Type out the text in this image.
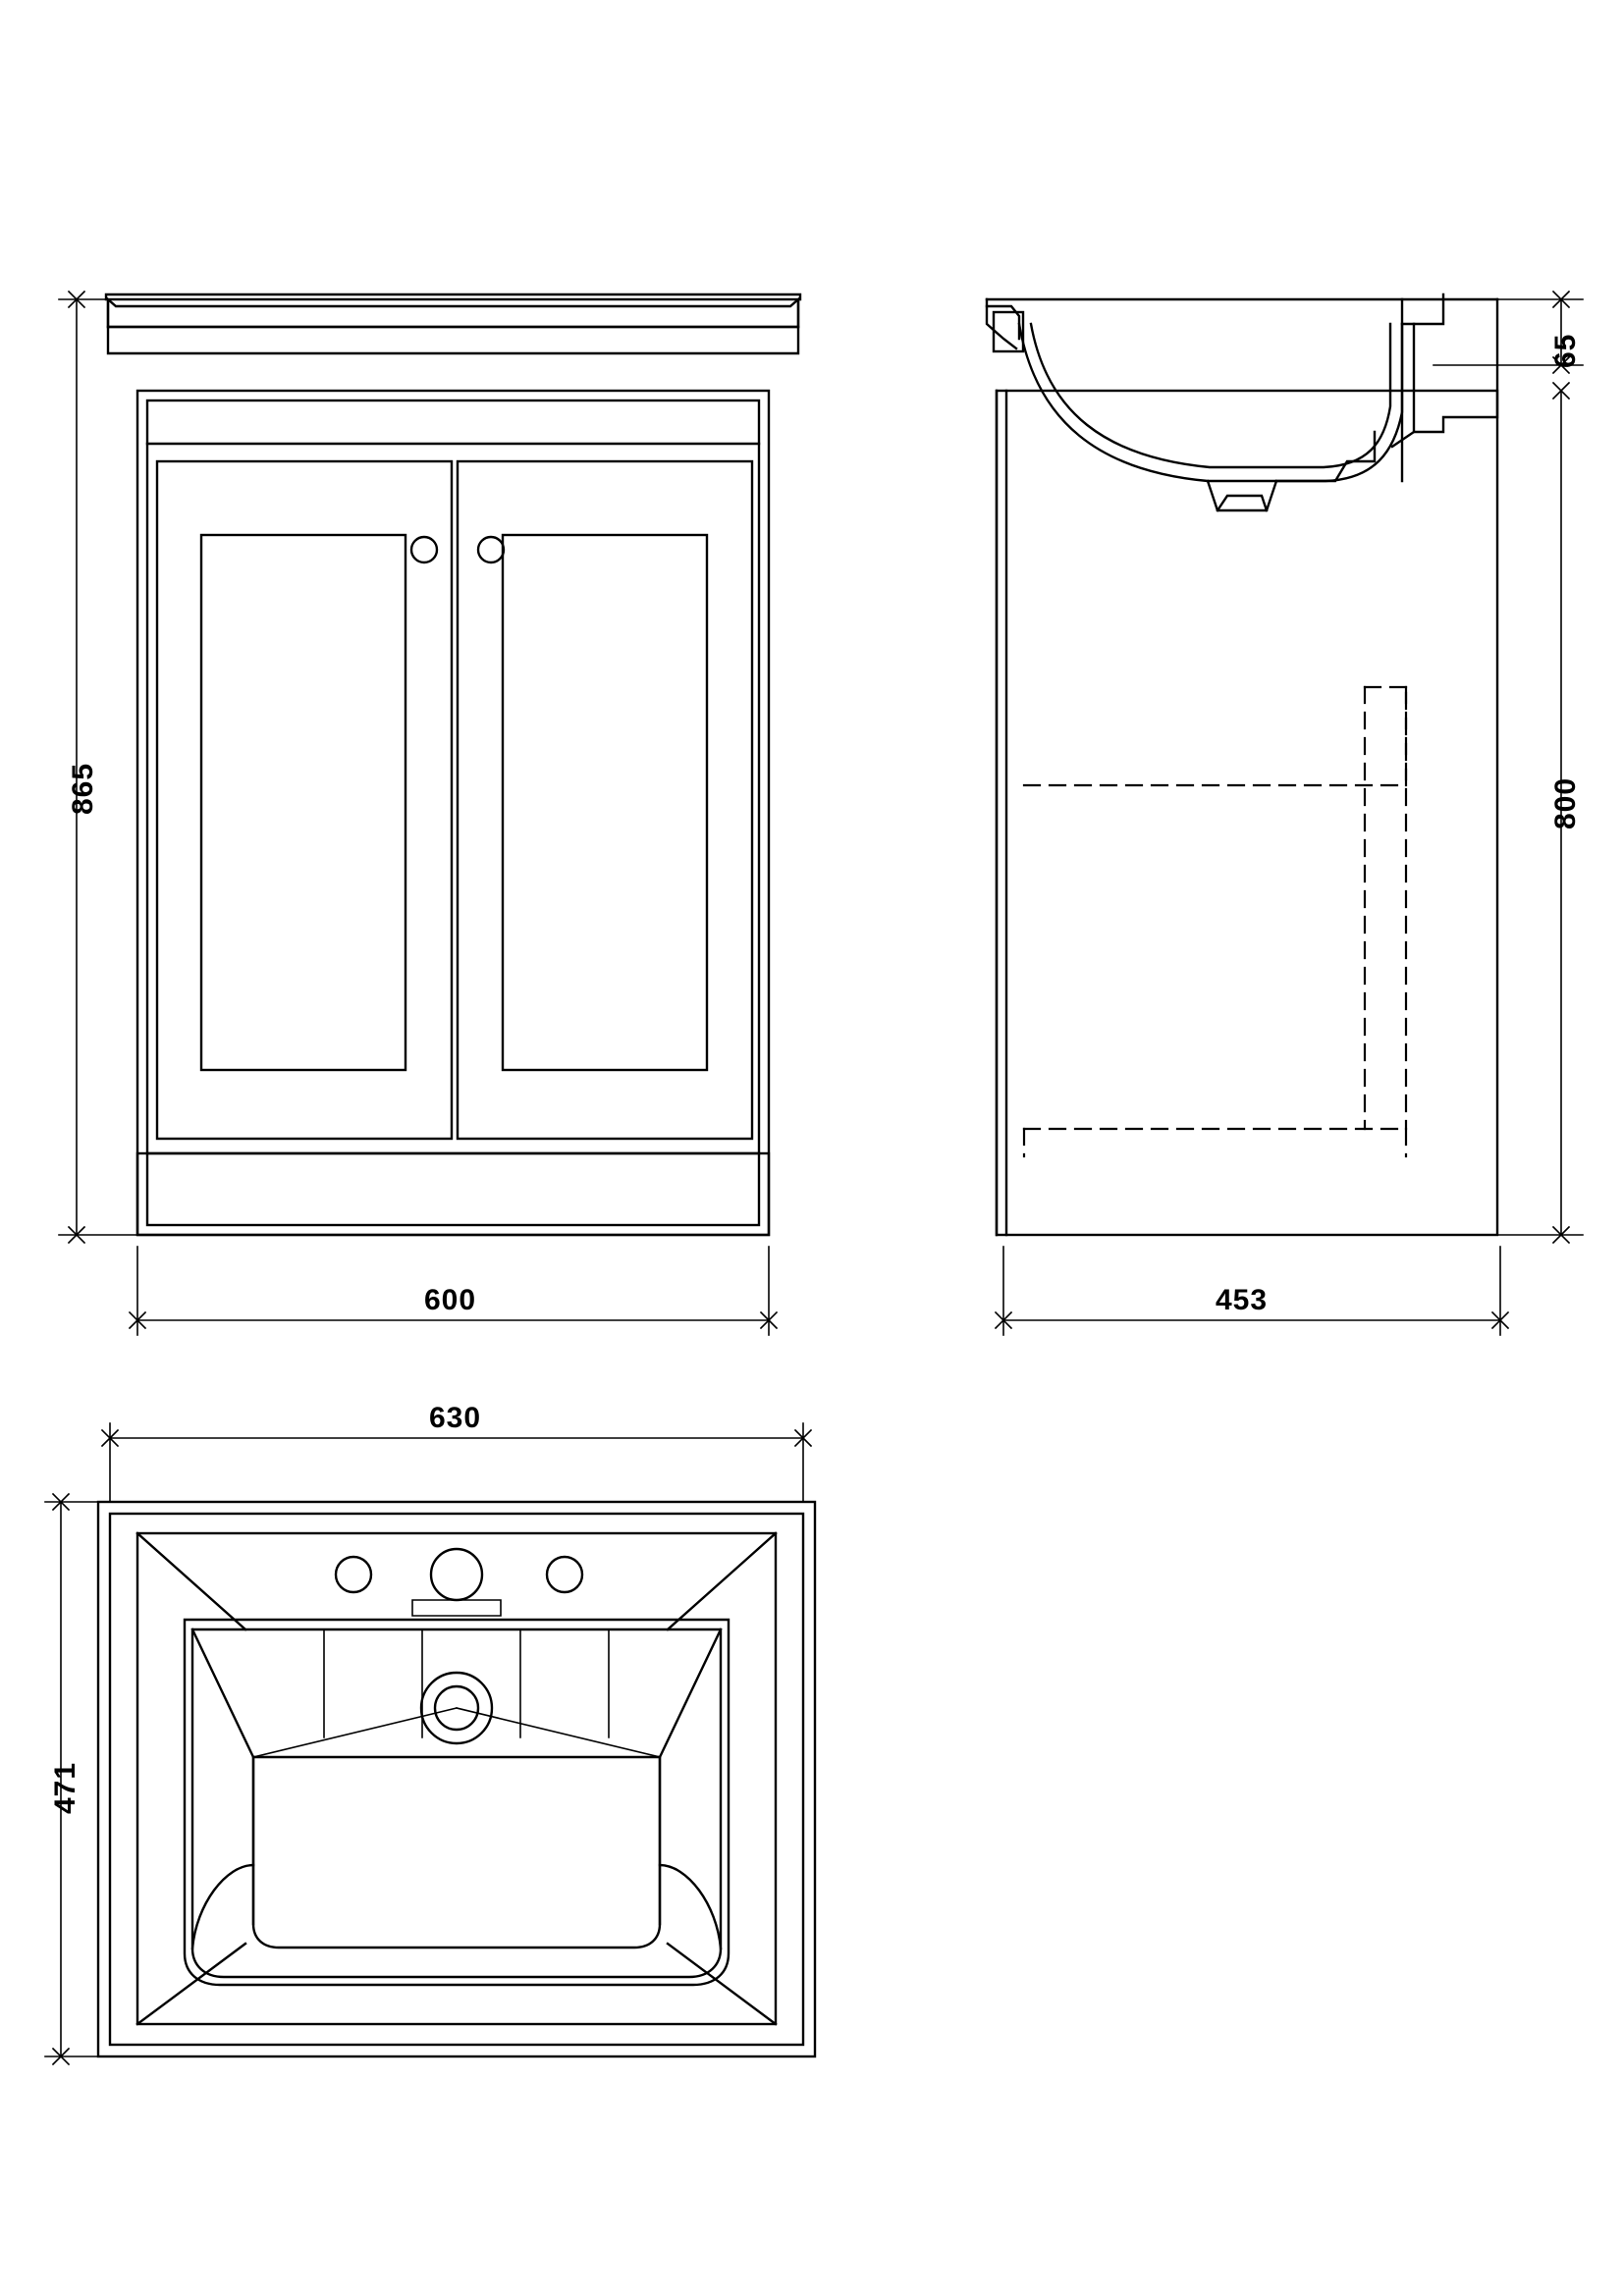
865
600
65
800
453
630
471
